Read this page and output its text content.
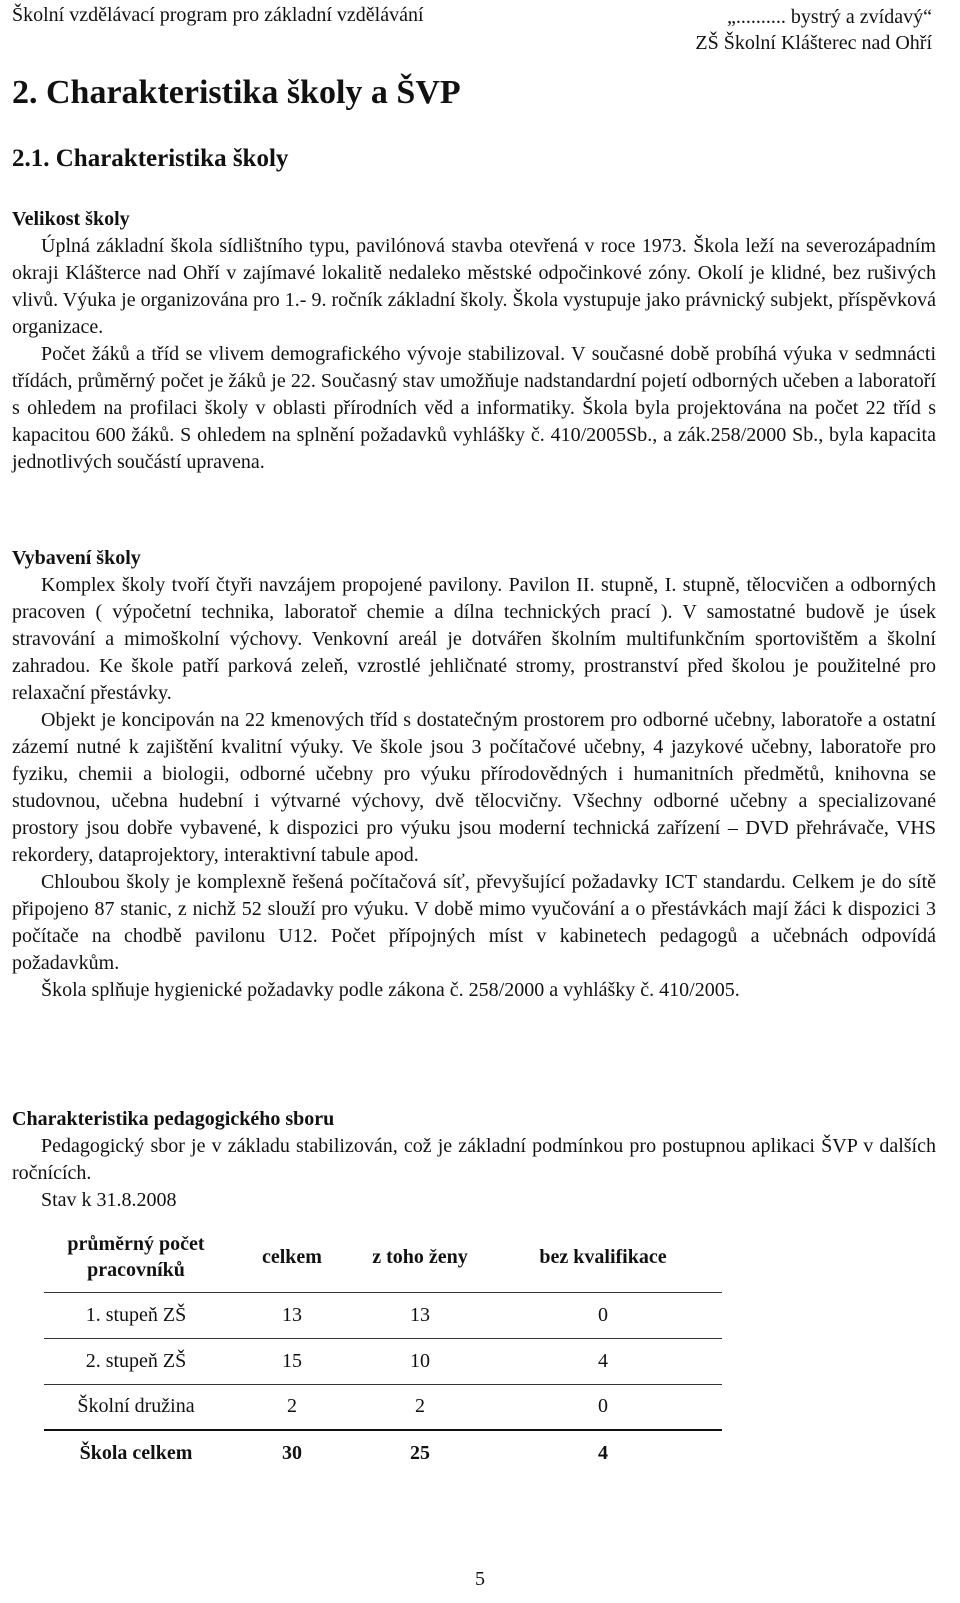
Školní vzdělávací program pro základní vzdělávání	„.......... bystrý a zvídavý“
ZŠ Školní Klášterec nad Ohří
2. Charakteristika školy a ŠVP
2.1. Charakteristika školy
Velikost školy

Úplná základní škola sídlištního typu, pavilónová stavba otevřená v roce 1973. Škola leží na severozápadním okraji Klášterce nad Ohří v zajímavé lokalitě nedaleko městské odpočinkové zóny. Okolí je klidné, bez rušivých vlivů. Výuka je organizována pro 1.- 9. ročník základní školy. Škola vystupuje jako právnický subjekt, příspěvková organizace.

Počet žáků a tříd se vlivem demografického vývoje stabilizoval. V současné době probíhá výuka v sedmnácti třídách, průměrný počet je žáků je 22. Současný stav umožňuje nadstandardní pojetí odborných učeben a laboratoří s ohledem na profilaci školy v oblasti přírodních věd a informatiky. Škola byla projektována na počet 22 tříd s kapacitou 600 žáků. S ohledem na splnění požadavků vyhlášky č. 410/2005Sb., a zák.258/2000 Sb., byla kapacita jednotlivých součástí upravena.

Vybavení školy

Komplex školy tvoří čtyři navzájem propojené pavilony. Pavilon II. stupně, I. stupně, tělocvičen a odborných pracoven ( výpočetní technika, laboratoř chemie a dílna technických prací ). V samostatné budově je úsek stravování a mimoškolní výchovy. Venkovní areál je dotvářen školním multifunkčním sportovištěm a školní zahradou. Ke škole patří parková zeleň, vzrostlé jehličnaté stromy, prostranství před školou je použitelné pro relaxační přestávky.

Objekt je koncipován na 22 kmenových tříd s dostatečným prostorem pro odborné učebny, laboratoře a ostatní zázemí nutné k zajištění kvalitní výuky. Ve škole jsou 3 počítačové učebny, 4 jazykové učebny, laboratoře pro fyziku, chemii a biologii, odborné učebny pro výuku přírodovědných i humanitních předmětů, knihovna se studovnou, učebna hudební i výtvarné výchovy, dvě tělocvičny. Všechny odborné učebny a specializované prostory jsou dobře vybavené, k dispozici pro výuku jsou moderní technická zařízení – DVD přehrávače, VHS rekordery, dataprojektory, interaktivní tabule apod.

Chloubou školy je komplexně řešená počítačová síť, převyšující požadavky ICT standardu. Celkem je do sítě připojeno 87 stanic, z nichž 52 slouží pro výuku. V době mimo vyučování a o přestávkách mají žáci k dispozici 3 počítače na chodbě pavilonu U12. Počet přípojných míst v kabinetech pedagogů a učebnách odpovídá požadavkům.

Škola splňuje hygienické požadavky podle zákona č. 258/2000 a vyhlášky č. 410/2005.

Charakteristika pedagogického sboru

Pedagogický sbor je v základu stabilizován, což je základní podmínkou pro postupnou aplikaci ŠVP v dalších ročnících.

Stav k 31.8.2008
průměrný počet pracovníků	celkem	z toho ženy	bez kvalifikace
1. stupeň ZŠ	13	13	0
2. stupeň ZŠ	15	10	4
Školní družina	2	2	0
Škola celkem	30	25	4
5
